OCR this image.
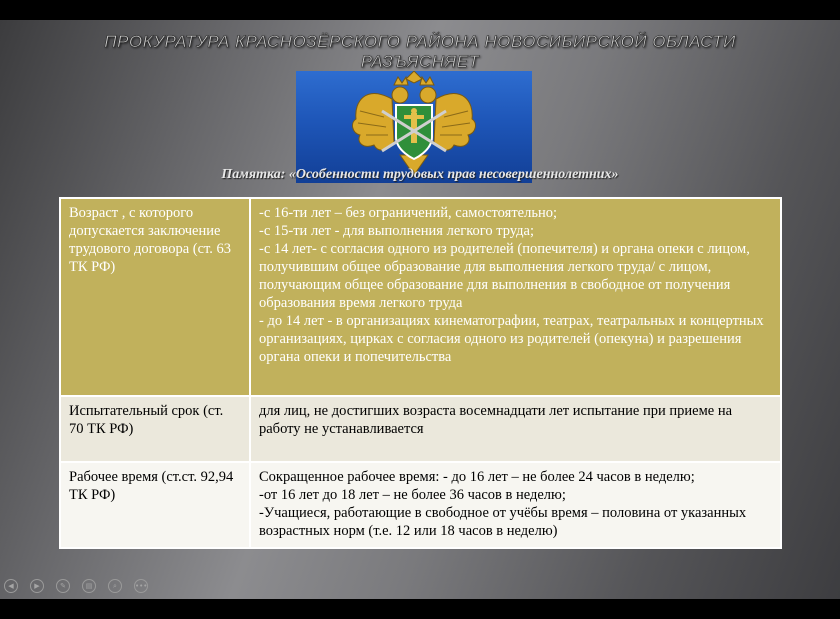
ПРОКУРАТУРА КРАСНОЗЁРСКОГО РАЙОНА НОВОСИБИРСКОЙ ОБЛАСТИ
РАЗЪЯСНЯЕТ
Памятка: «Особенности трудовых прав несовершеннолетних»
Возраст , с которого допускается заключение трудового договора (ст. 63 ТК РФ)	-с 16-ти лет – без ограничений, самостоятельно;
-с 15-ти лет - для выполнения легкого труда;
-с 14 лет- с согласия одного из родителей (попечителя) и органа опеки с лицом, получившим общее образование для выполнения легкого труда/ с лицом, получающим общее образование для выполнения в свободное от получения образования время легкого труда
- до 14 лет - в организациях кинематографии, театрах, театральных и концертных организациях, цирках с согласия одного из родителей (опекуна) и разрешения органа опеки и попечительства

Испытательный срок (ст. 70 ТК РФ)	для лиц, не достигших возраста восемнадцати лет испытание при приеме на работу не устанавливается

Рабочее время (ст.ст. 92,94 ТК РФ)	Сокращенное рабочее время: - до 16 лет – не более 24 часов в неделю;
-от 16 лет до 18 лет – не более 36 часов в неделю;
-Учащиеся, работающие в свободное от учёбы время – половина от указанных возрастных норм (т.е. 12 или 18 часов в неделю)
◀	▶	✎	▤	⌕	•••
